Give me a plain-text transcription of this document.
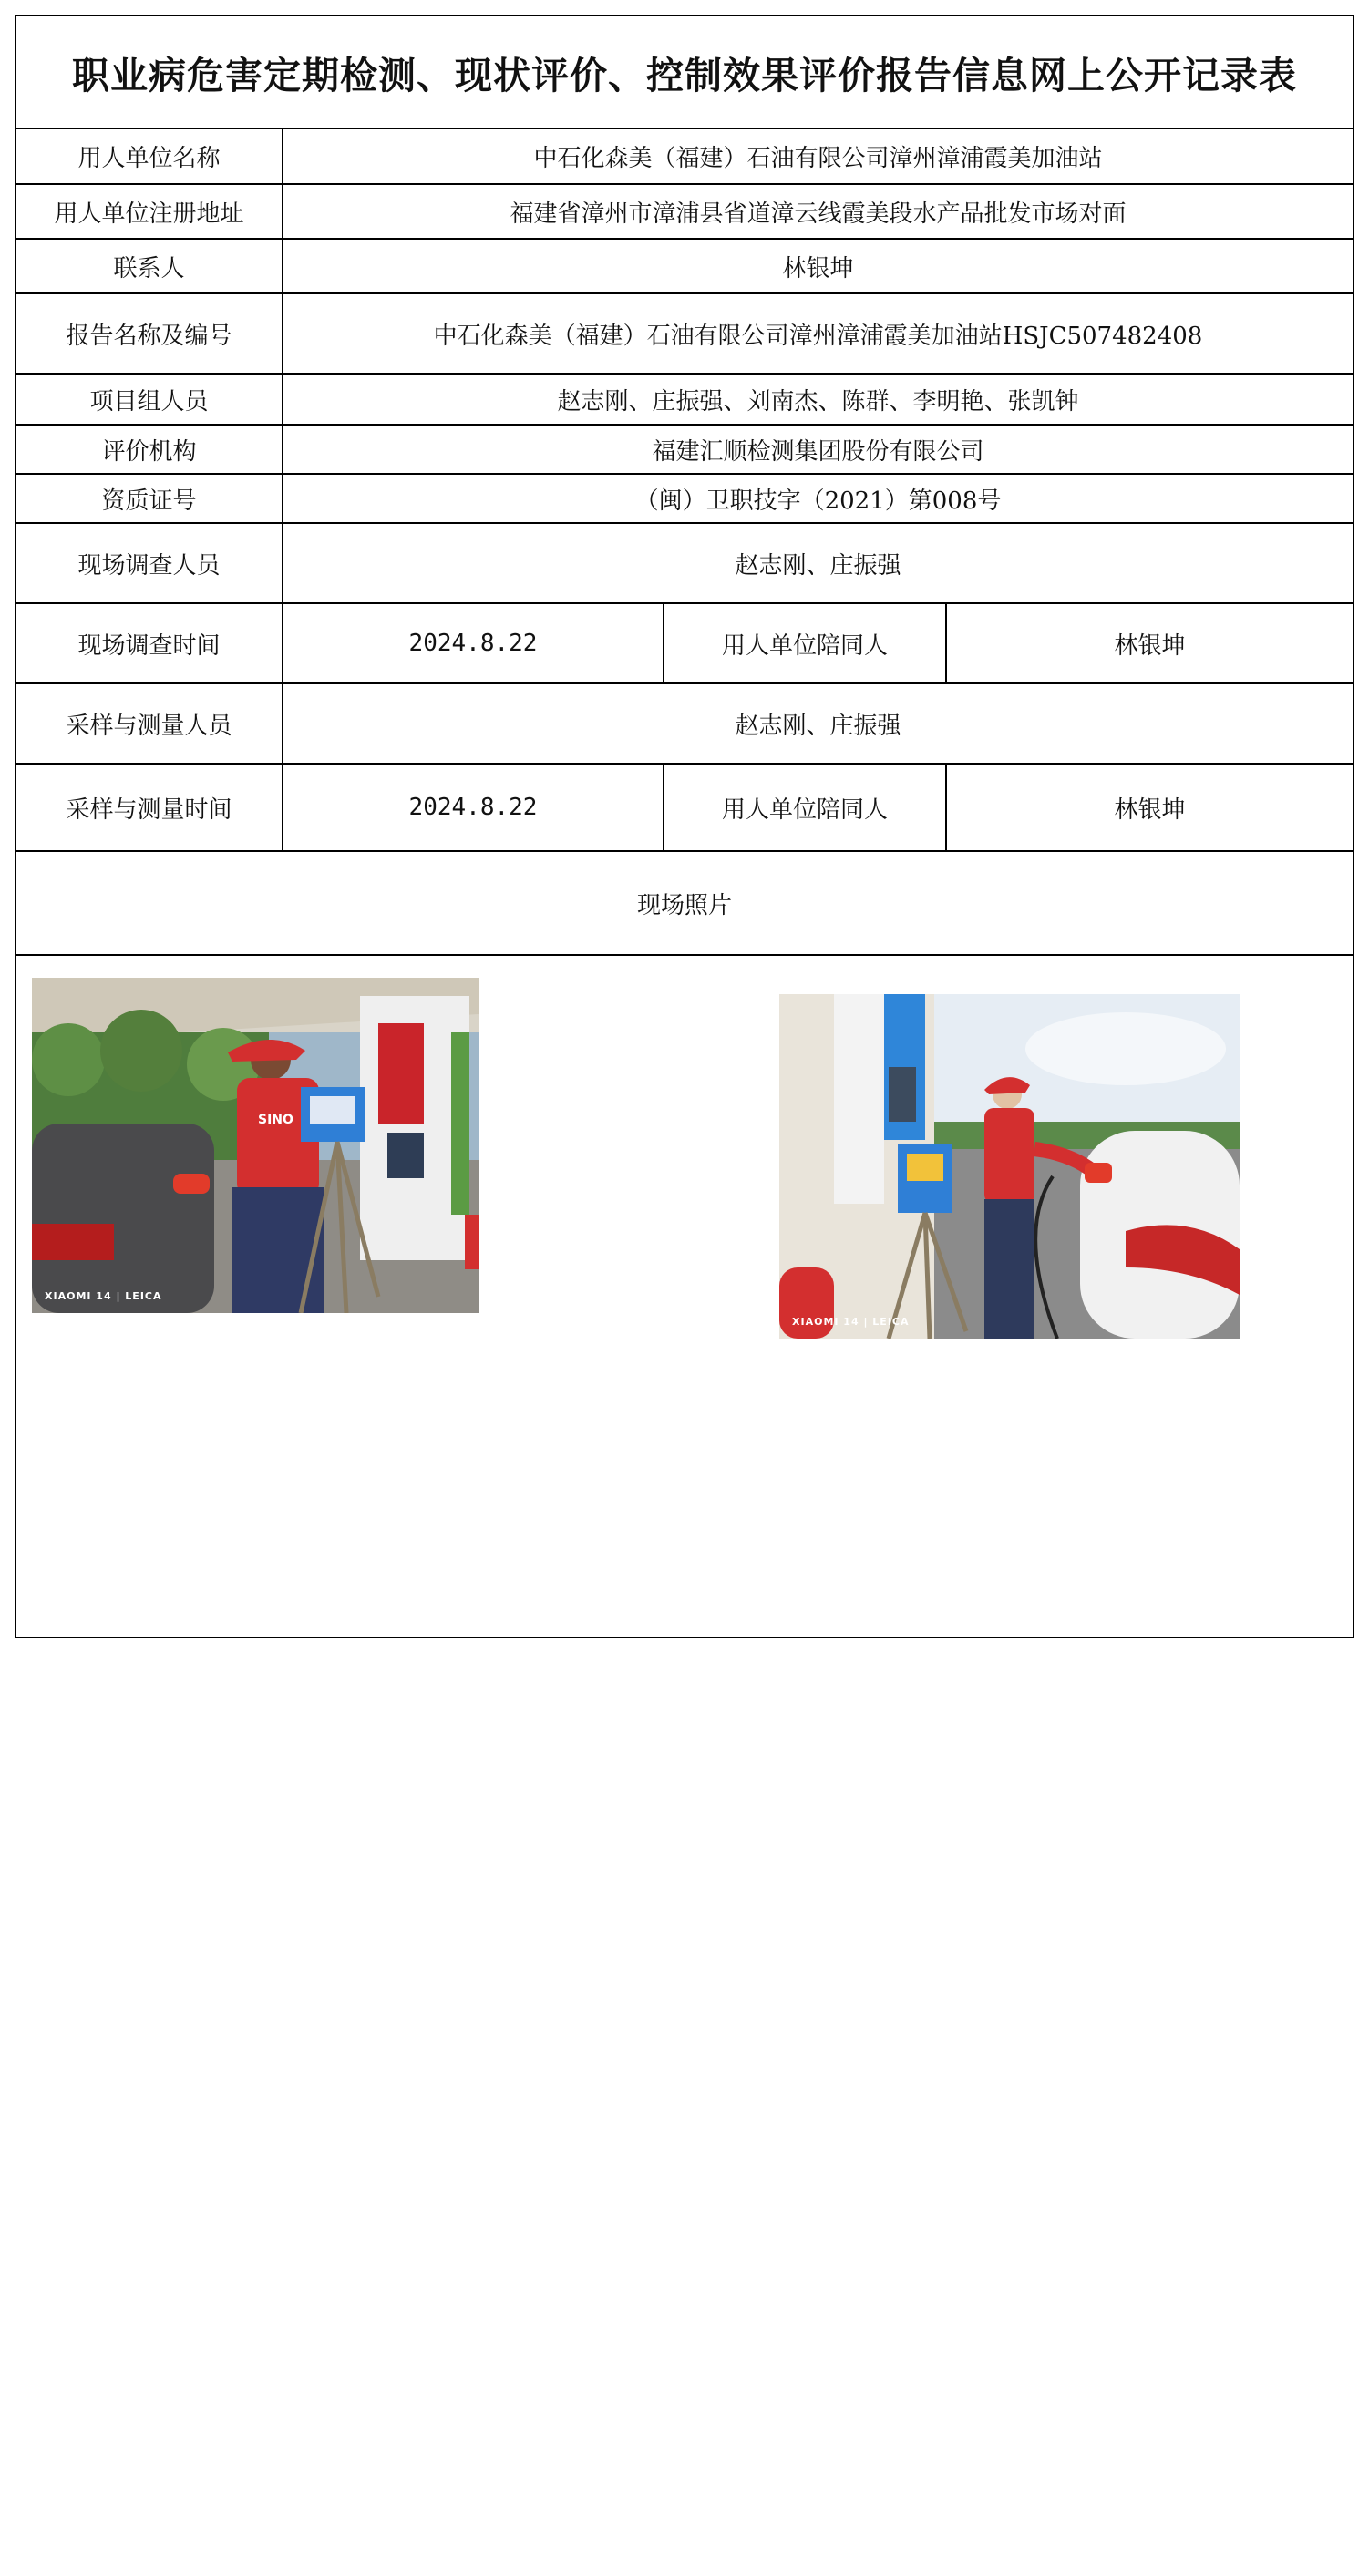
职业病危害定期检测、现状评价、控制效果评价报告信息网上公开记录表
用人单位名称	中石化森美（福建）石油有限公司漳州漳浦霞美加油站		
用人单位注册地址	福建省漳州市漳浦县省道漳云线霞美段水产品批发市场对面		
联系人	林银坤		
报告名称及编号	中石化森美（福建）石油有限公司漳州漳浦霞美加油站HSJC507482408		
项目组人员	赵志刚、庄振强、刘南杰、陈群、李明艳、张凯钟		
评价机构	福建汇顺检测集团股份有限公司		
资质证号	（闽）卫职技字（2021）第008号		
现场调查人员	赵志刚、庄振强		
现场调查时间	2024.8.22	用人单位陪同人	林银坤
采样与测量人员	赵志刚、庄振强		
采样与测量时间	2024.8.22	用人单位陪同人	林银坤
现场照片
SINO
XIAOMI 14 | LEICA
XIAOMI 14 | LEICA
